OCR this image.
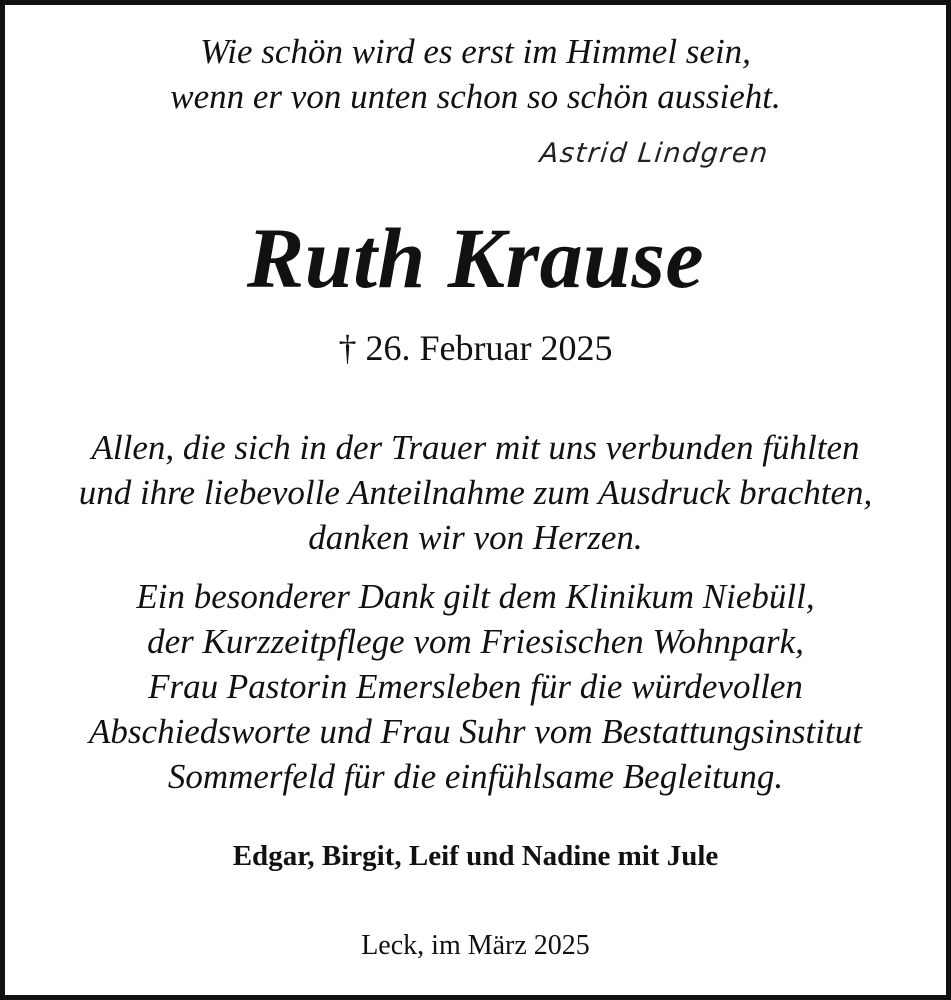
Wie schön wird es erst im Himmel sein,
wenn er von unten schon so schön aussieht.
Astrid Lindgren
Ruth Krause
† 26. Februar 2025
Allen, die sich in der Trauer mit uns verbunden fühlten
und ihre liebevolle Anteilnahme zum Ausdruck brachten,
danken wir von Herzen.
Ein besonderer Dank gilt dem Klinikum Niebüll,
der Kurzzeitpflege vom Friesischen Wohnpark,
Frau Pastorin Emersleben für die würdevollen
Abschiedsworte und Frau Suhr vom Bestattungsinstitut
Sommerfeld für die einfühlsame Begleitung.
Edgar, Birgit, Leif und Nadine mit Jule
Leck, im März 2025
